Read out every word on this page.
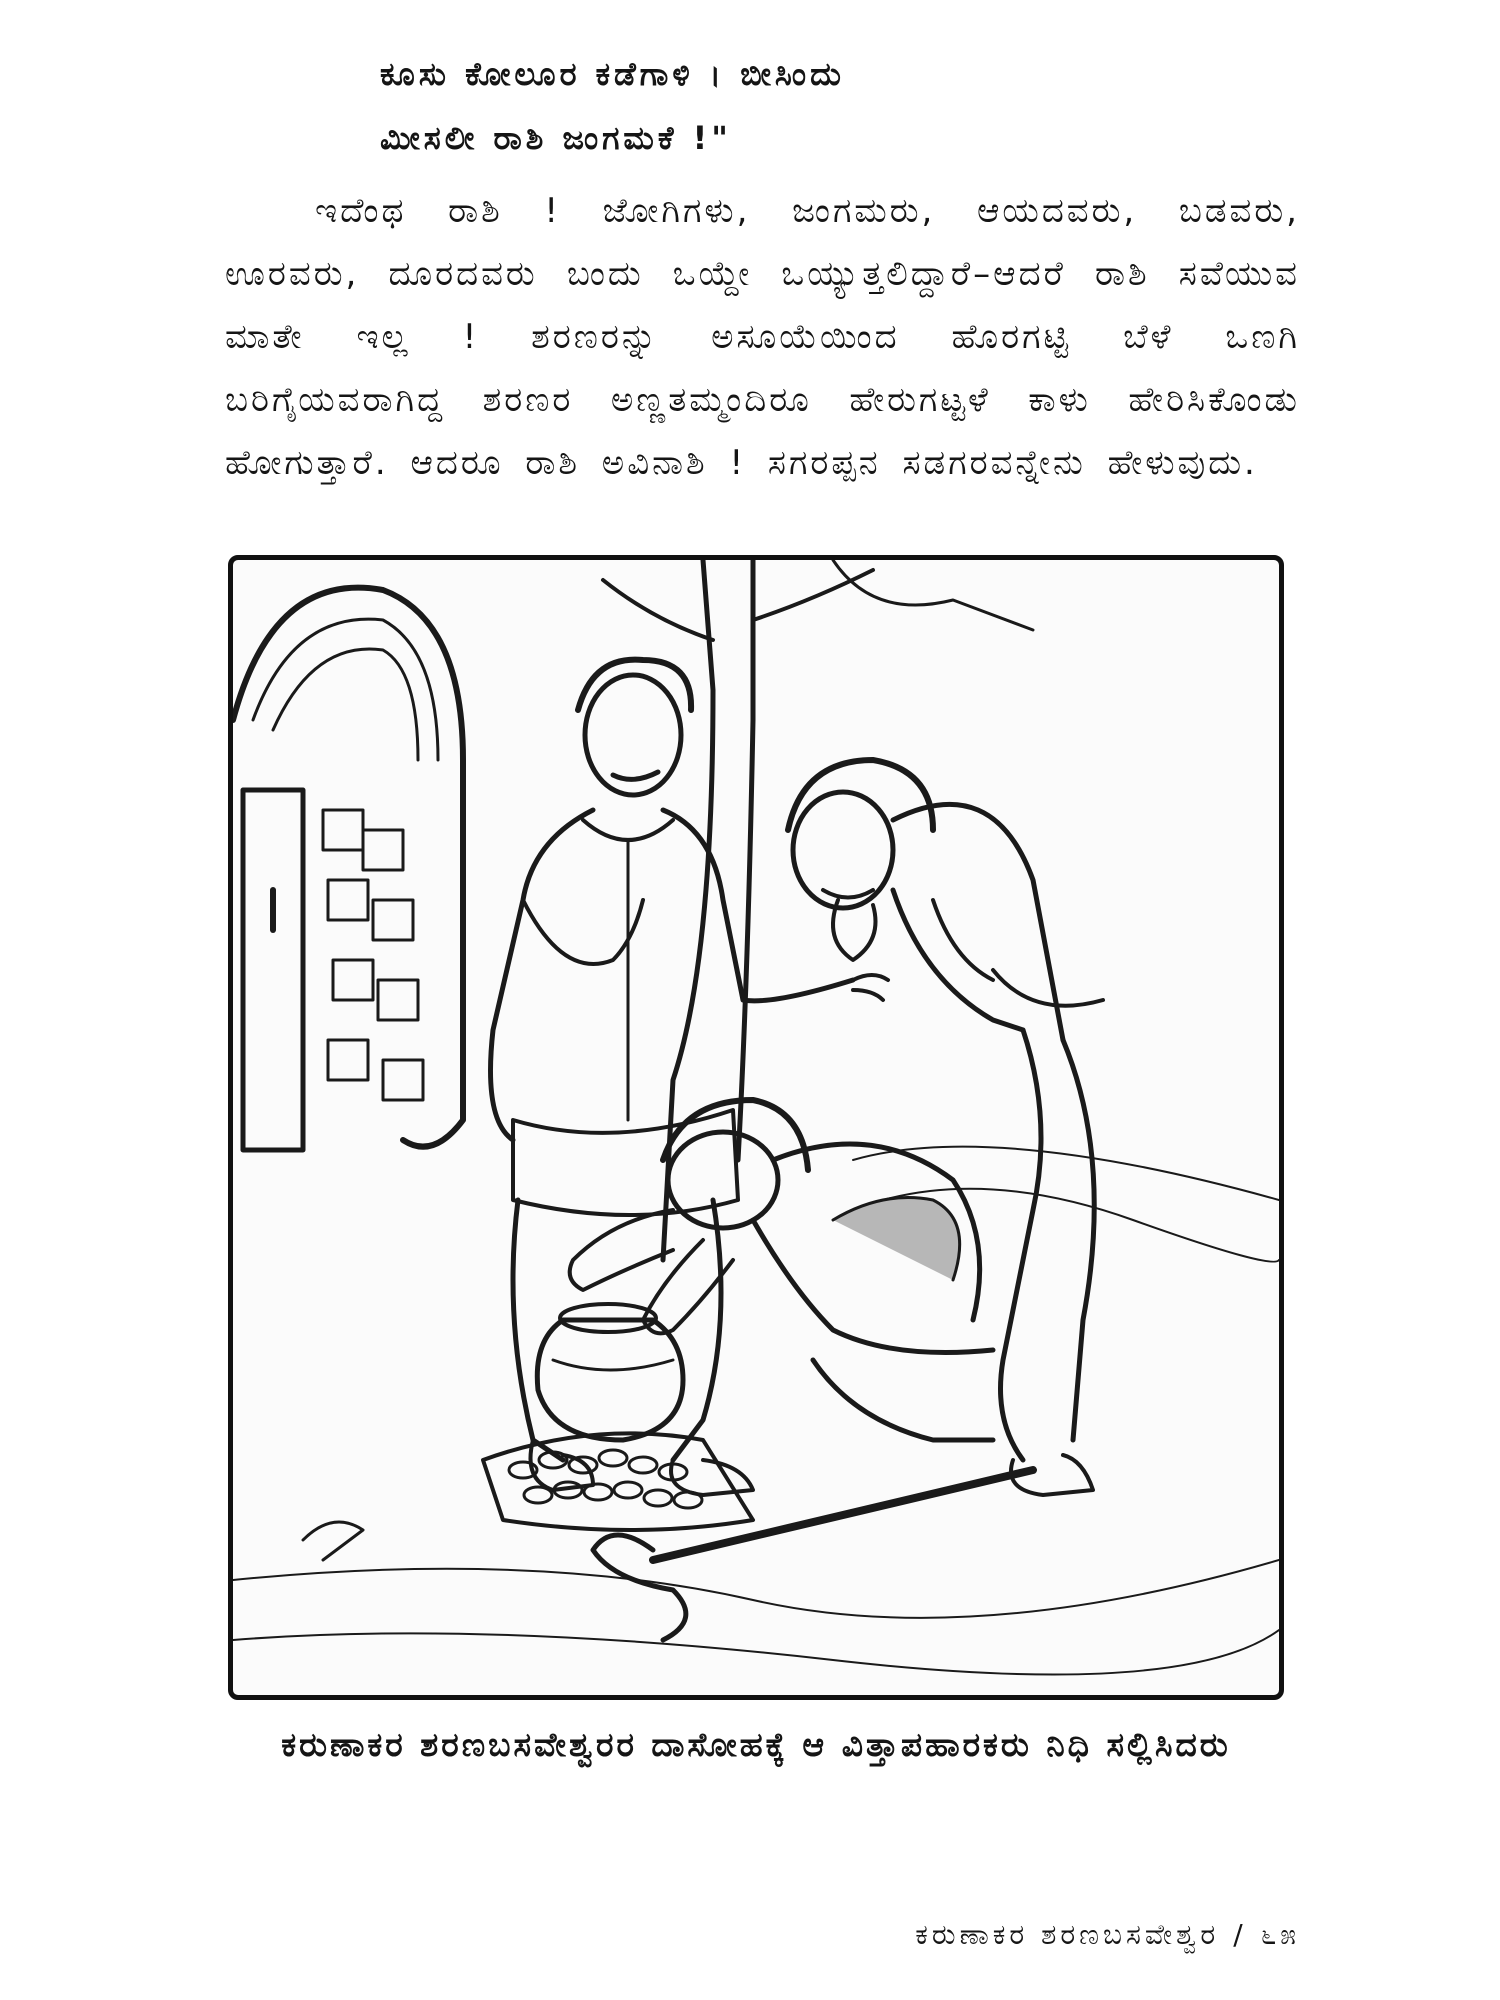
ಕೂಸು ಕೋಲೂರ ಕಡೆಗಾಳಿ । ಬೀಸಿಂದು
ಮೀಸಲೀ ರಾಶಿ ಜಂಗಮಕೆ !"
ಇದೆಂಥ ರಾಶಿ ! ಜೋಗಿಗಳು, ಜಂಗಮರು, ಆಯದವರು, ಬಡವರು, ಊರವರು, ದೂರದವರು ಬಂದು ಒಯ್ದೇ ಒಯ್ಯುತ್ತಲಿದ್ದಾರೆ–ಆದರೆ ರಾಶಿ ಸವೆಯುವ ಮಾತೇ ಇಲ್ಲ ! ಶರಣರನ್ನು ಅಸೂಯೆಯಿಂದ ಹೊರಗಟ್ಟಿ ಬೆಳೆ ಒಣಗಿ ಬರಿಗೈಯವರಾಗಿದ್ದ ಶರಣರ ಅಣ್ಣತಮ್ಮಂದಿರೂ ಹೇರುಗಟ್ಟಳೆ ಕಾಳು ಹೇರಿಸಿಕೊಂಡು ಹೋಗುತ್ತಾರೆ. ಆದರೂ ರಾಶಿ ಅವಿನಾಶಿ ! ಸಗರಪ್ಪನ ಸಡಗರವನ್ನೇನು ಹೇಳುವುದು.
ಕರುಣಾಕರ ಶರಣಬಸವೇಶ್ವರರ ದಾಸೋಹಕ್ಕೆ ಆ ವಿತ್ತಾಪಹಾರಕರು ನಿಧಿ ಸಲ್ಲಿಸಿದರು
ಕರುಣಾಕರ ಶರಣಬಸವೇಶ್ವರ / ೬೫
